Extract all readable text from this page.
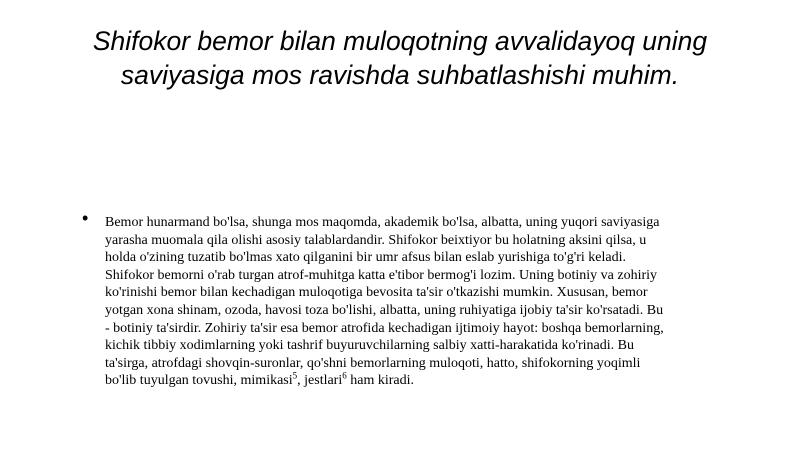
Shifokor bemor bilan muloqotning avvalidayoq uning saviyasiga mos ravishda suhbatlashishi muhim.
• Bemor hunarmand bo'lsa, shunga mos maqomda, akademik bo'lsa, albatta, uning yuqori saviyasiga yarasha muomala qila olishi asosiy talablardandir. Shifokor beixtiyor bu holatning aksini qilsa, u holda o'zining tuzatib bo'lmas xato qilganini bir umr afsus bilan eslab yurishiga to'g'ri keladi. Shifokor bemorni o'rab turgan atrof-muhitga katta e'tibor bermog'i lozim. Uning botiniy va zohiriy ko'rinishi bemor bilan kechadigan muloqotiga bevosita ta'sir o'tkazishi mumkin. Xususan, bemor yotgan xona shinam, ozoda, havosi toza bo'lishi, albatta, uning ruhiyatiga ijobiy ta'sir ko'rsatadi. Bu - botiniy ta'sirdir. Zohiriy ta'sir esa bemor atrofida kechadigan ijtimoiy hayot: boshqa bemorlarning, kichik tibbiy xodimlarning yoki tashrif buyuruvchilarning salbiy xatti-harakatida ko'rinadi. Bu ta'sirga, atrofdagi shovqin-suronlar, qo'shni bemorlarning muloqoti, hatto, shifokorning yoqimli bo'lib tuyulgan tovushi, mimikasi$^5$, jestlari$^6$ ham kiradi.
